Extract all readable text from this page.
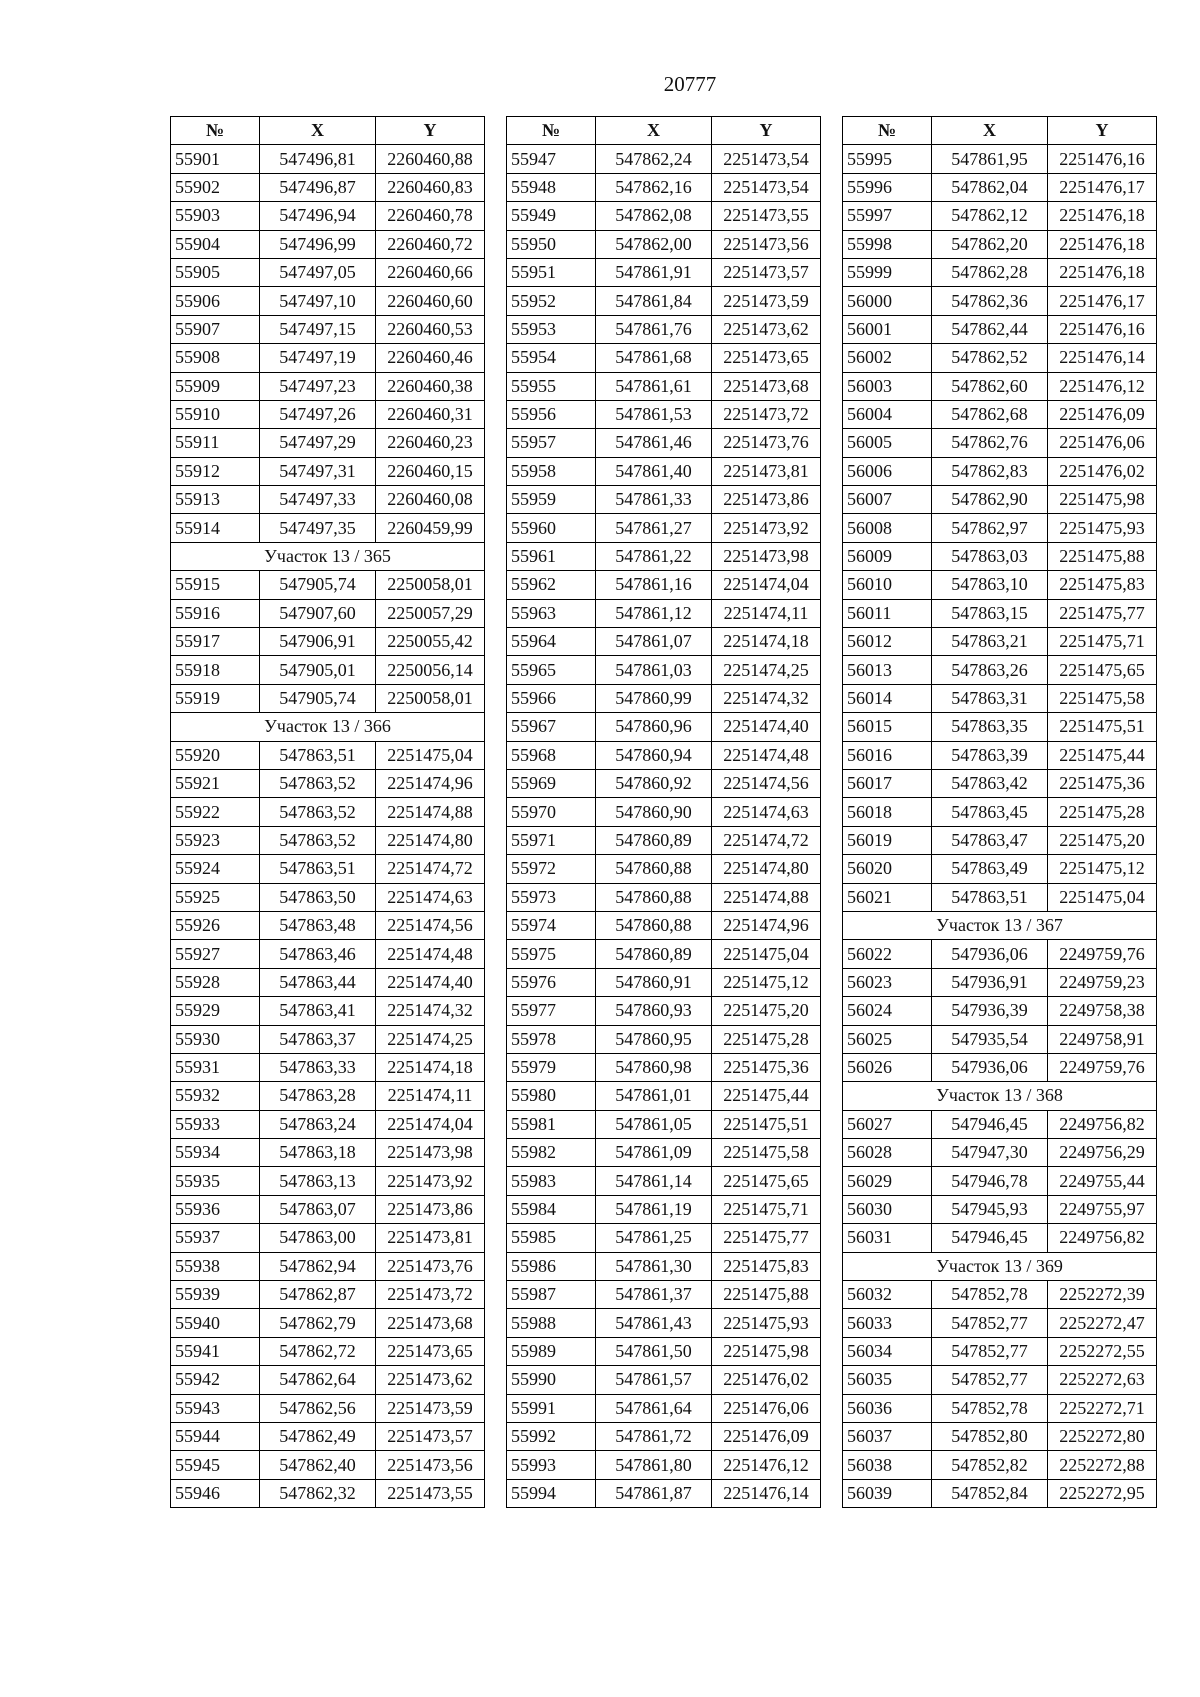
20777
№	X	Y
55901	547496,81	2260460,88
55902	547496,87	2260460,83
55903	547496,94	2260460,78
55904	547496,99	2260460,72
55905	547497,05	2260460,66
55906	547497,10	2260460,60
55907	547497,15	2260460,53
55908	547497,19	2260460,46
55909	547497,23	2260460,38
55910	547497,26	2260460,31
55911	547497,29	2260460,23
55912	547497,31	2260460,15
55913	547497,33	2260460,08
55914	547497,35	2260459,99
Участок 13 / 365		
55915	547905,74	2250058,01
55916	547907,60	2250057,29
55917	547906,91	2250055,42
55918	547905,01	2250056,14
55919	547905,74	2250058,01
Участок 13 / 366		
55920	547863,51	2251475,04
55921	547863,52	2251474,96
55922	547863,52	2251474,88
55923	547863,52	2251474,80
55924	547863,51	2251474,72
55925	547863,50	2251474,63
55926	547863,48	2251474,56
55927	547863,46	2251474,48
55928	547863,44	2251474,40
55929	547863,41	2251474,32
55930	547863,37	2251474,25
55931	547863,33	2251474,18
55932	547863,28	2251474,11
55933	547863,24	2251474,04
55934	547863,18	2251473,98
55935	547863,13	2251473,92
55936	547863,07	2251473,86
55937	547863,00	2251473,81
55938	547862,94	2251473,76
55939	547862,87	2251473,72
55940	547862,79	2251473,68
55941	547862,72	2251473,65
55942	547862,64	2251473,62
55943	547862,56	2251473,59
55944	547862,49	2251473,57
55945	547862,40	2251473,56
55946	547862,32	2251473,55
№	X	Y
55947	547862,24	2251473,54
55948	547862,16	2251473,54
55949	547862,08	2251473,55
55950	547862,00	2251473,56
55951	547861,91	2251473,57
55952	547861,84	2251473,59
55953	547861,76	2251473,62
55954	547861,68	2251473,65
55955	547861,61	2251473,68
55956	547861,53	2251473,72
55957	547861,46	2251473,76
55958	547861,40	2251473,81
55959	547861,33	2251473,86
55960	547861,27	2251473,92
55961	547861,22	2251473,98
55962	547861,16	2251474,04
55963	547861,12	2251474,11
55964	547861,07	2251474,18
55965	547861,03	2251474,25
55966	547860,99	2251474,32
55967	547860,96	2251474,40
55968	547860,94	2251474,48
55969	547860,92	2251474,56
55970	547860,90	2251474,63
55971	547860,89	2251474,72
55972	547860,88	2251474,80
55973	547860,88	2251474,88
55974	547860,88	2251474,96
55975	547860,89	2251475,04
55976	547860,91	2251475,12
55977	547860,93	2251475,20
55978	547860,95	2251475,28
55979	547860,98	2251475,36
55980	547861,01	2251475,44
55981	547861,05	2251475,51
55982	547861,09	2251475,58
55983	547861,14	2251475,65
55984	547861,19	2251475,71
55985	547861,25	2251475,77
55986	547861,30	2251475,83
55987	547861,37	2251475,88
55988	547861,43	2251475,93
55989	547861,50	2251475,98
55990	547861,57	2251476,02
55991	547861,64	2251476,06
55992	547861,72	2251476,09
55993	547861,80	2251476,12
55994	547861,87	2251476,14
№	X	Y
55995	547861,95	2251476,16
55996	547862,04	2251476,17
55997	547862,12	2251476,18
55998	547862,20	2251476,18
55999	547862,28	2251476,18
56000	547862,36	2251476,17
56001	547862,44	2251476,16
56002	547862,52	2251476,14
56003	547862,60	2251476,12
56004	547862,68	2251476,09
56005	547862,76	2251476,06
56006	547862,83	2251476,02
56007	547862,90	2251475,98
56008	547862,97	2251475,93
56009	547863,03	2251475,88
56010	547863,10	2251475,83
56011	547863,15	2251475,77
56012	547863,21	2251475,71
56013	547863,26	2251475,65
56014	547863,31	2251475,58
56015	547863,35	2251475,51
56016	547863,39	2251475,44
56017	547863,42	2251475,36
56018	547863,45	2251475,28
56019	547863,47	2251475,20
56020	547863,49	2251475,12
56021	547863,51	2251475,04
Участок 13 / 367		
56022	547936,06	2249759,76
56023	547936,91	2249759,23
56024	547936,39	2249758,38
56025	547935,54	2249758,91
56026	547936,06	2249759,76
Участок 13 / 368		
56027	547946,45	2249756,82
56028	547947,30	2249756,29
56029	547946,78	2249755,44
56030	547945,93	2249755,97
56031	547946,45	2249756,82
Участок 13 / 369		
56032	547852,78	2252272,39
56033	547852,77	2252272,47
56034	547852,77	2252272,55
56035	547852,77	2252272,63
56036	547852,78	2252272,71
56037	547852,80	2252272,80
56038	547852,82	2252272,88
56039	547852,84	2252272,95
